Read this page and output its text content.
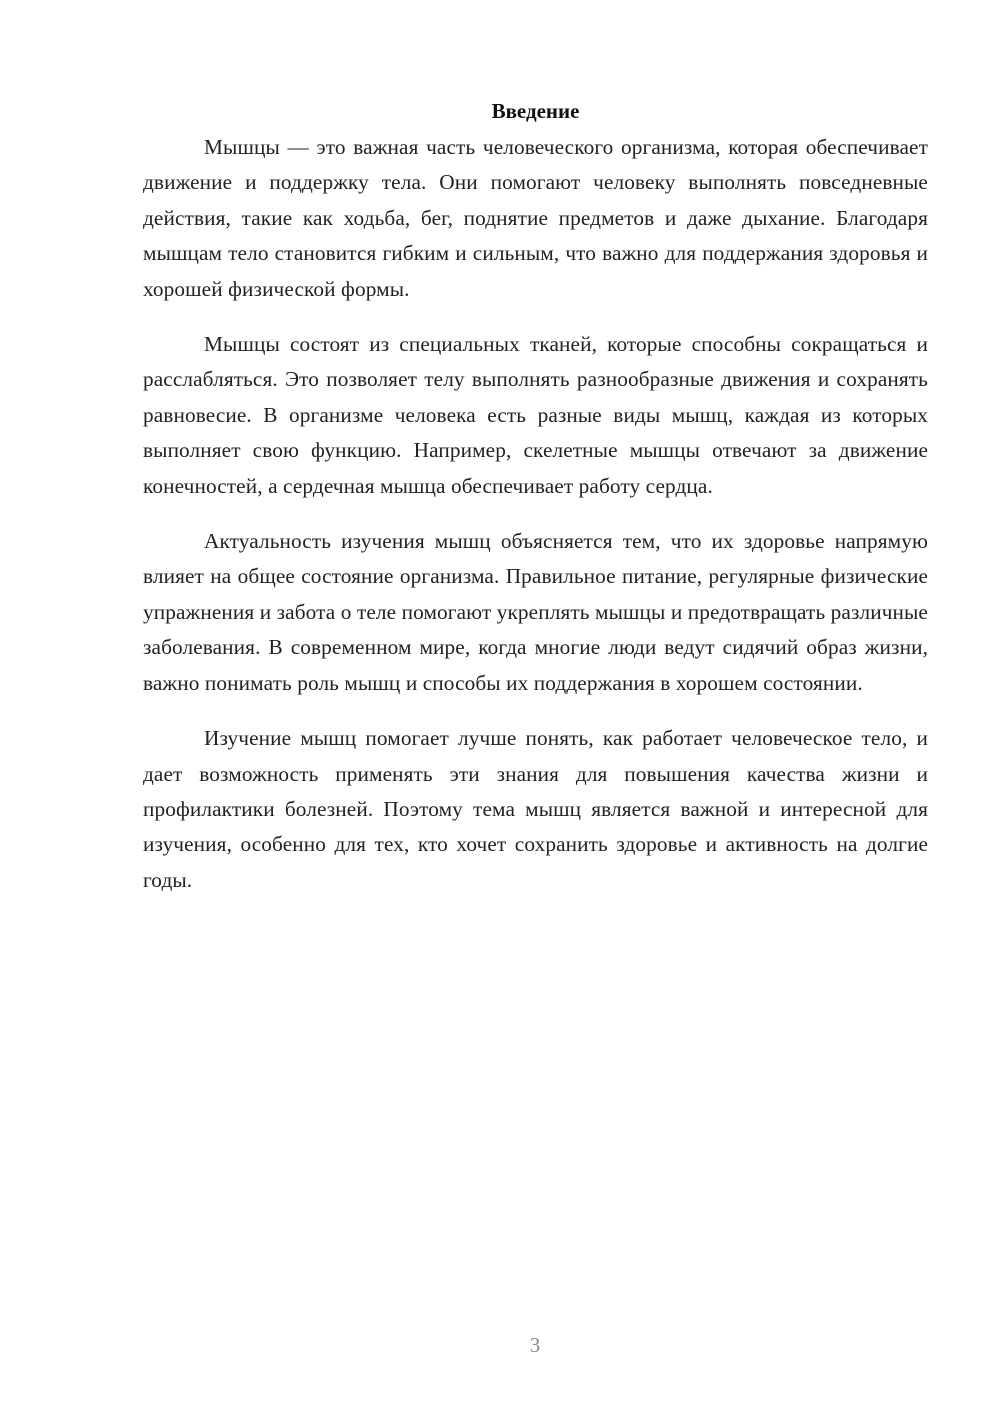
Введение

Мышцы — это важная часть человеческого организма, которая обеспечивает движение и поддержку тела. Они помогают человеку выполнять повседневные действия, такие как ходьба, бег, поднятие предметов и даже дыхание. Благодаря мышцам тело становится гибким и сильным, что важно для поддержания здоровья и хорошей физической формы.

Мышцы состоят из специальных тканей, которые способны сокращаться и расслабляться. Это позволяет телу выполнять разнообразные движения и сохранять равновесие. В организме человека есть разные виды мышц, каждая из которых выполняет свою функцию. Например, скелетные мышцы отвечают за движение конечностей, а сердечная мышца обеспечивает работу сердца.

Актуальность изучения мышц объясняется тем, что их здоровье напрямую влияет на общее состояние организма. Правильное питание, регулярные физические упражнения и забота о теле помогают укреплять мышцы и предотвращать различные заболевания. В современном мире, когда многие люди ведут сидячий образ жизни, важно понимать роль мышц и способы их поддержания в хорошем состоянии.

Изучение мышц помогает лучше понять, как работает человеческое тело, и дает возможность применять эти знания для повышения качества жизни и профилактики болезней. Поэтому тема мышц является важной и интересной для изучения, особенно для тех, кто хочет сохранить здоровье и активность на долгие годы.

3
